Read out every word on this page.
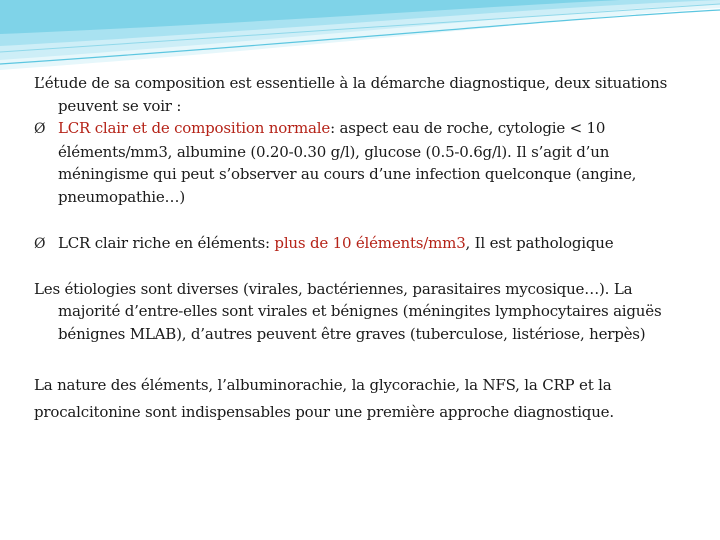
L’étude de sa composition est essentielle à la démarche diagnostique, deux situations peuvent se voir :

Ø LCR clair et de composition normale: aspect eau de roche, cytologie < 10 éléments/mm3, albumine (0.20-0.30 g/l), glucose (0.5-0.6g/l). Il s’agit d’un méningisme qui peut s’observer au cours d’une infection quelconque (angine, pneumopathie…)

Ø LCR clair riche en éléments: plus de 10 éléments/mm3, Il est pathologique

Les étiologies sont diverses (virales, bactériennes, parasitaires mycosique…). La majorité d’entre-elles sont virales et bénignes (méningites lymphocytaires aiguës bénignes MLAB), d’autres peuvent être graves (tuberculose, listériose, herpès)

La nature des éléments, l’albuminorachie, la glycorachie, la NFS, la CRP et la procalcitonine sont indispensables pour une première approche diagnostique.
